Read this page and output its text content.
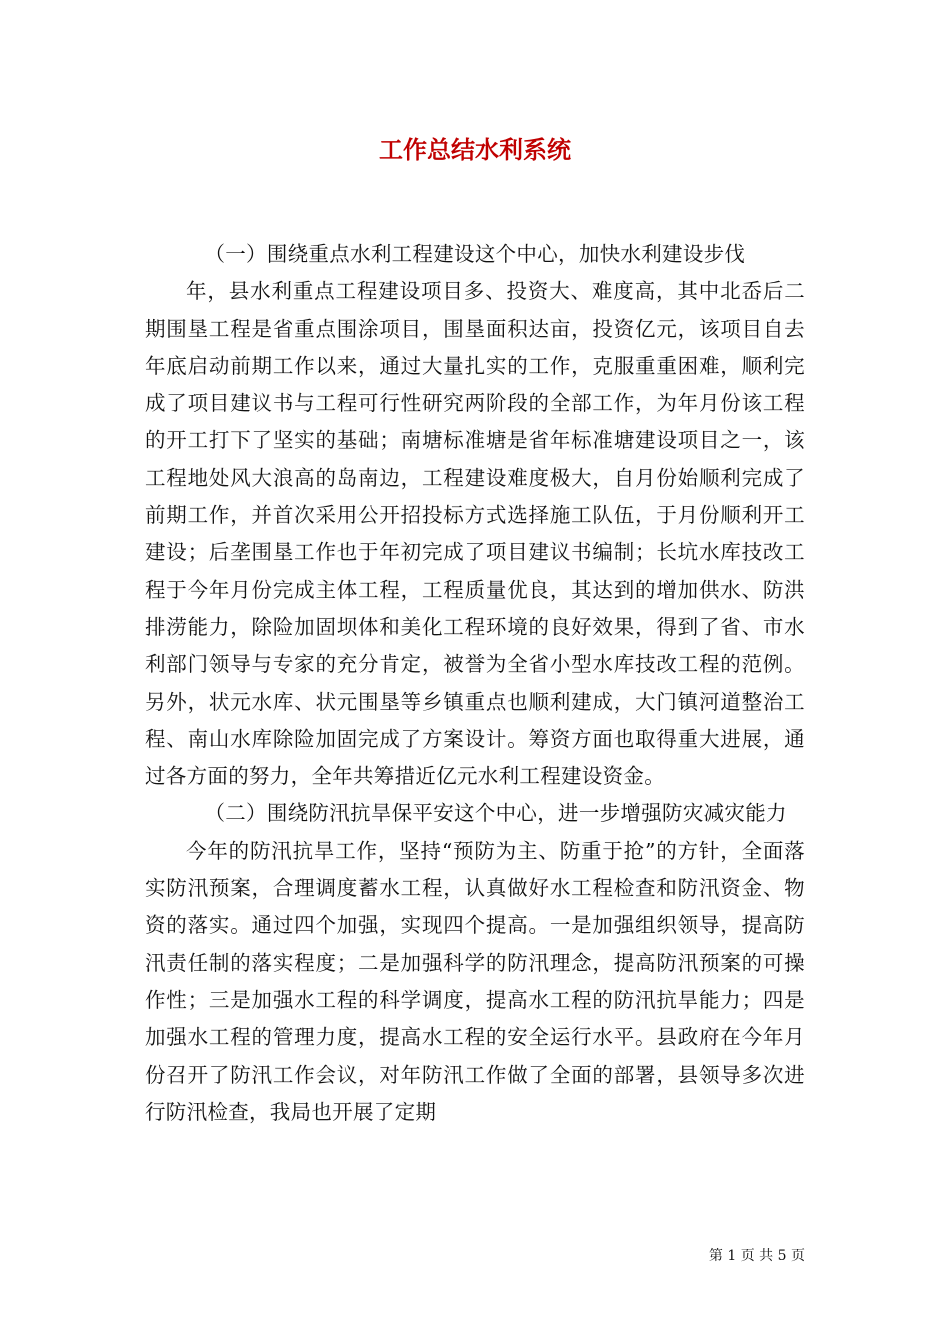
工作总结水利系统

（一）围绕重点水利工程建设这个中心，加快水利建设步伐

年，县水利重点工程建设项目多、投资大、难度高，其中北岙后二期围垦工程是省重点围涂项目，围垦面积达亩，投资亿元，该项目自去年底启动前期工作以来，通过大量扎实的工作，克服重重困难，顺利完成了项目建议书与工程可行性研究两阶段的全部工作，为年月份该工程的开工打下了坚实的基础；南塘标准塘是省年标准塘建设项目之一，该工程地处风大浪高的岛南边，工程建设难度极大，自月份始顺利完成了前期工作，并首次采用公开招投标方式选择施工队伍，于月份顺利开工建设；后垄围垦工作也于年初完成了项目建议书编制；长坑水库技改工程于今年月份完成主体工程，工程质量优良，其达到的增加供水、防洪排涝能力，除险加固坝体和美化工程环境的良好效果，得到了省、市水利部门领导与专家的充分肯定，被誉为全省小型水库技改工程的范例。另外，状元水库、状元围垦等乡镇重点也顺利建成，大门镇河道整治工程、南山水库除险加固完成了方案设计。筹资方面也取得重大进展，通过各方面的努力，全年共筹措近亿元水利工程建设资金。

（二）围绕防汛抗旱保平安这个中心，进一步增强防灾减灾能力

今年的防汛抗旱工作，坚持“预防为主、防重于抢”的方针，全面落实防汛预案，合理调度蓄水工程，认真做好水工程检查和防汛资金、物资的落实。通过四个加强，实现四个提高。一是加强组织领导，提高防汛责任制的落实程度；二是加强科学的防汛理念，提高防汛预案的可操作性；三是加强水工程的科学调度，提高水工程的防汛抗旱能力；四是加强水工程的管理力度，提高水工程的安全运行水平。县政府在今年月份召开了防汛工作会议，对年防汛工作做了全面的部署，县领导多次进行防汛检查，我局也开展了定期

第 1 页 共 5 页
